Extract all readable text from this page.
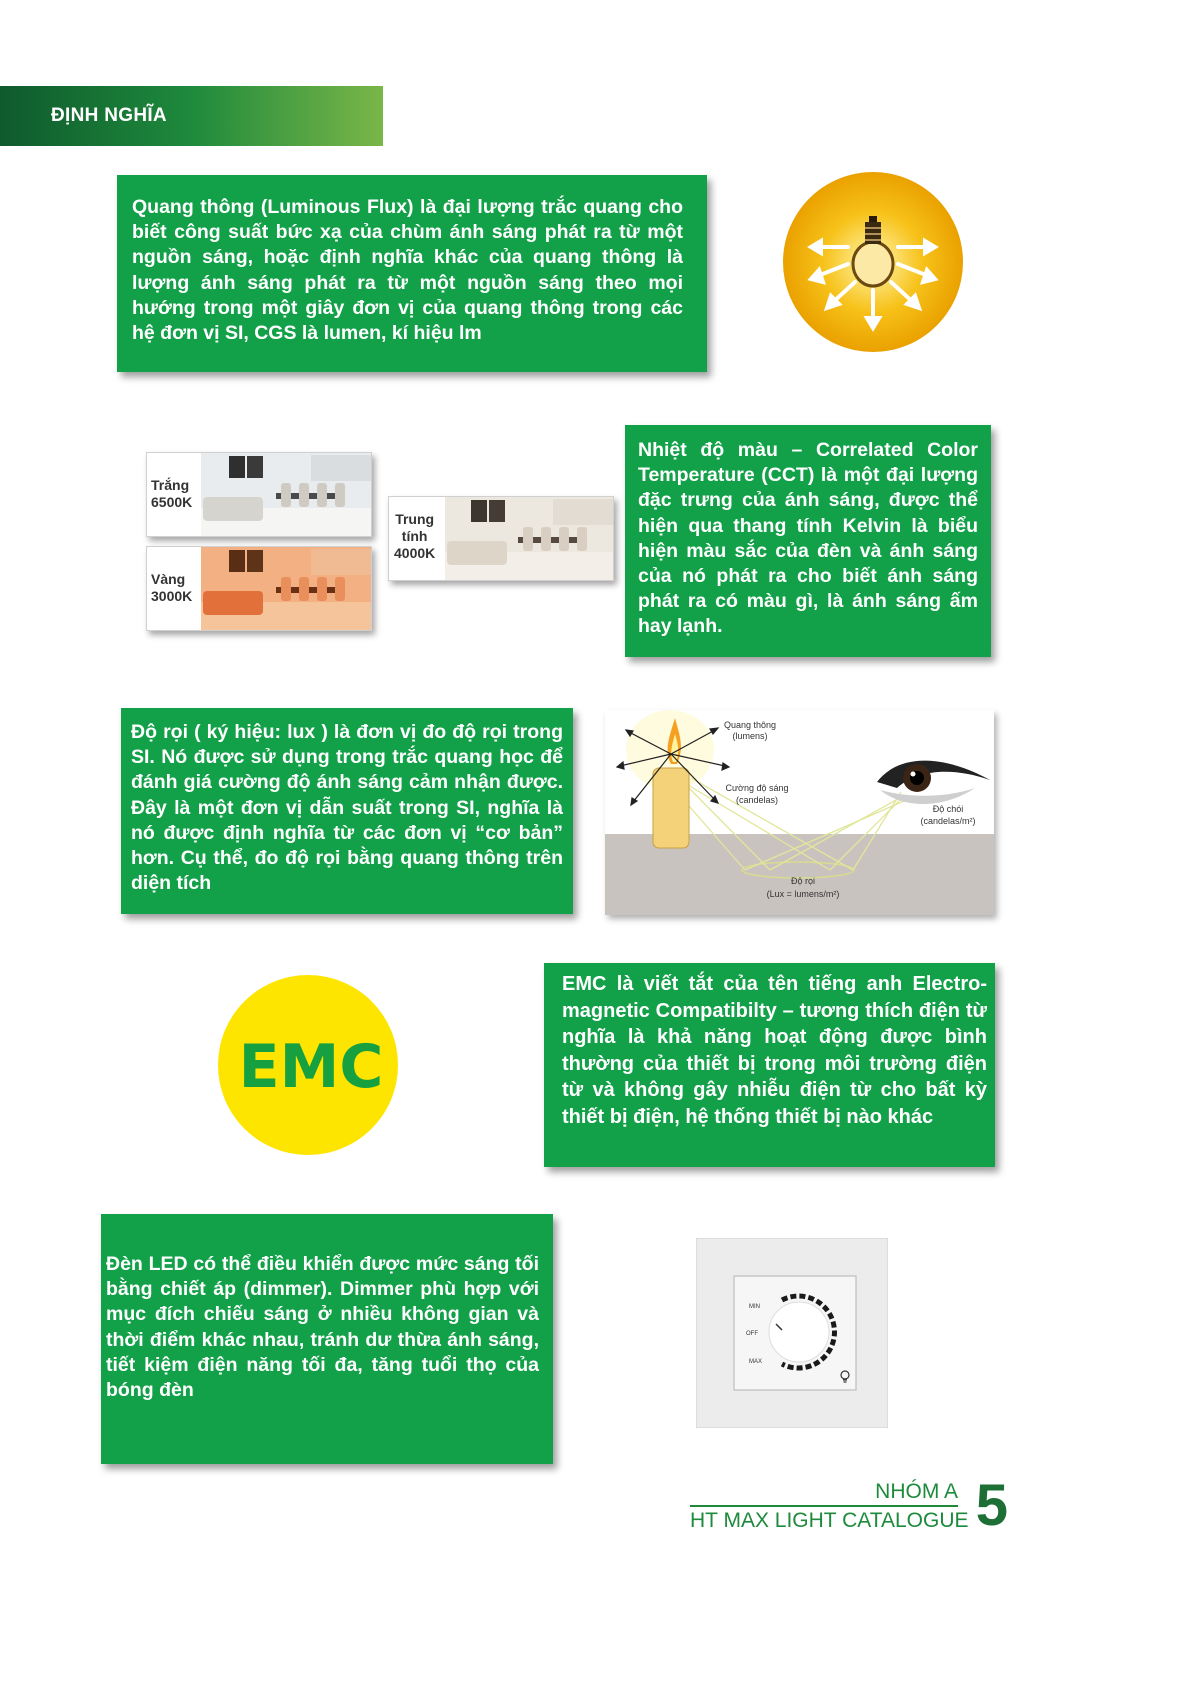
ĐỊNH NGHĨA
Quang thông (Luminous Flux) là đại lượng trắc quang cho biết công suất bức xạ của chùm ánh sáng phát ra từ một nguồn sáng, hoặc định nghĩa khác của quang thông là lượng ánh sáng phát ra từ một nguồn sáng theo mọi hướng trong một giây đơn vị của quang thông trong các hệ đơn vị SI, CGS là lumen, kí hiệu lm
Trắng
6500K
Vàng
3000K
Trung
tính
4000K
Nhiệt độ màu – Correlated Color Temperature (CCT) là một đại lượng đặc trưng của ánh sáng, được thể hiện qua thang tính Kelvin là biểu hiện màu sắc của đèn và ánh sáng của nó phát ra cho biết ánh sáng phát ra có màu gì, là ánh sáng ấm hay lạnh.
Độ rọi ( ký hiệu: lux ) là đơn vị đo độ rọi trong SI. Nó được sử dụng trong trắc quang học để đánh giá cường độ ánh sáng cảm nhận được. Đây là một đơn vị dẫn suất trong SI, nghĩa là nó được định nghĩa từ các đơn vị “cơ bản” hơn. Cụ thể, đo độ rọi bằng quang thông trên diện tích
Quang thông
(lumens)
Cường độ sáng
(candelas)
Độ chói
(candelas/m²)
Độ rọi
(Lux = lumens/m²)
EMC
EMC là viết tắt của tên tiếng anh Electro-magnetic Compatibilty – tương thích điện từ nghĩa là khả năng hoạt động được bình thường của thiết bị trong môi trường điện từ và không gây nhiễu điện từ cho bất kỳ thiết bị điện, hệ thống thiết bị nào khác
Đèn LED có thể điều khiển được mức sáng tối bằng chiết áp (dimmer). Dimmer phù hợp với mục đích chiếu sáng ở nhiều không gian và thời điểm khác nhau, tránh dư thừa ánh sáng, tiết kiệm điện năng tối đa, tăng tuổi thọ của bóng đèn
MIN
OFF
MAX
NHÓM A
HT MAX LIGHT CATALOGUE 5
